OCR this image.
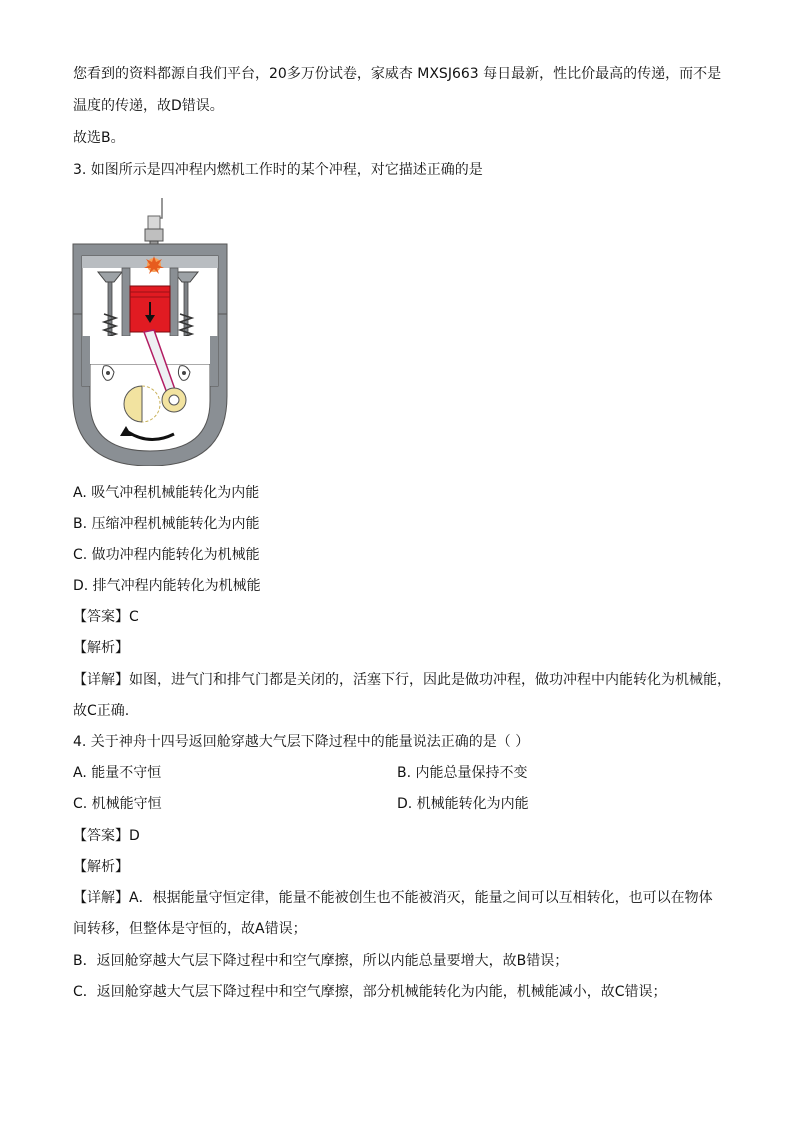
您看到的资料都源自我们平台，20多万份试卷，家威杏 MXSJ663 每日最新，性比价最高的传递，而不是
温度的传递，故D错误。
故选B。
3. 如图所示是四冲程内燃机工作时的某个冲程，对它描述正确的是
A. 吸气冲程机械能转化为内能
B. 压缩冲程机械能转化为内能
C. 做功冲程内能转化为机械能
D. 排气冲程内能转化为机械能
【答案】C
【解析】
【详解】如图，进气门和排气门都是关闭的，活塞下行，因此是做功冲程，做功冲程中内能转化为机械能，
故C正确.
4. 关于神舟十四号返回舱穿越大气层下降过程中的能量说法正确的是（ ）
A. 能量不守恒	B. 内能总量保持不变
C. 机械能守恒	D. 机械能转化为内能
【答案】D
【解析】
【详解】A．根据能量守恒定律，能量不能被创生也不能被消灭，能量之间可以互相转化，也可以在物体
间转移，但整体是守恒的，故A错误；
B．返回舱穿越大气层下降过程中和空气摩擦，所以内能总量要增大，故B错误；
C．返回舱穿越大气层下降过程中和空气摩擦，部分机械能转化为内能，机械能减小，故C错误；
